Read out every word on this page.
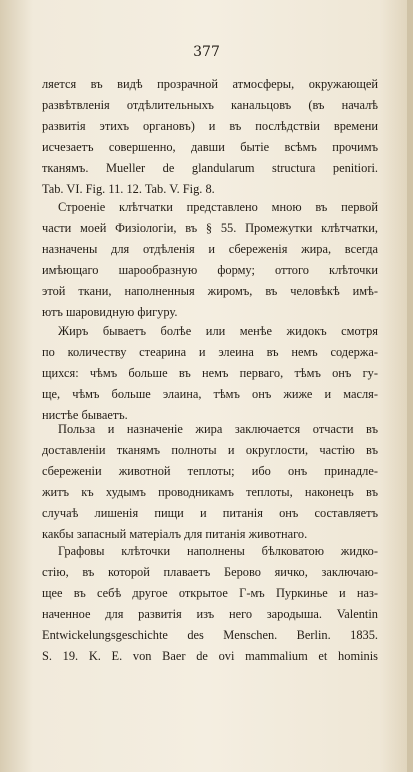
377
ляется въ видѣ прозрачной атмосферы, окружающей
развѣтвленія отдѣлительныхъ канальцовъ (въ началѣ
развитія этихъ органовъ) и въ послѣдствіи времени
исчезаетъ совершенно, давши бытіе всѣмъ прочимъ
тканямъ. Mueller de glandularum structura penitiori.
Tab. VI. Fig. 11. 12. Tab. V. Fig. 8.
Строеніе клѣтчатки представлено мною въ первой
части моей Физіологіи, въ § 55. Промежутки клѣтчатки,
назначены для отдѣленія и сбереженія жира, всегда
имѣющаго шарообразную форму; оттого клѣточки
этой ткани, наполненныя жиромъ, въ человѣкѣ имѣ-
ютъ шаровидную фигуру.
Жиръ бываетъ болѣе или менѣе жидокъ смотря
по количеству стеарина и элеина въ немъ содержа-
щихся: чѣмъ больше въ немъ перваго, тѣмъ онъ гу-
ще, чѣмъ больше элаина, тѣмъ онъ жиже и масля-
нистѣе бываетъ.
Польза и назначеніе жира заключается отчасти въ
доставленіи тканямъ полноты и округлости, частію въ
сбереженіи животной теплоты; ибо онъ принадле-
житъ къ худымъ проводникамъ теплоты, наконецъ въ
случаѣ лишенія пищи и питанія онъ составляетъ
какбы запасный матеріалъ для питанія животнаго.
Графовы клѣточки наполнены бѣлковатою жидко-
стію, въ которой плаваетъ Берово яичко, заключаю-
щее въ себѣ другое открытое Г-мъ Пуркинье и наз-
наченное для развитія изъ него зародыша. Valentin
Entwickelungsgeschichte des Menschen. Berlin. 1835.
S. 19. K. E. von Baer de ovi mammalium et hominis
